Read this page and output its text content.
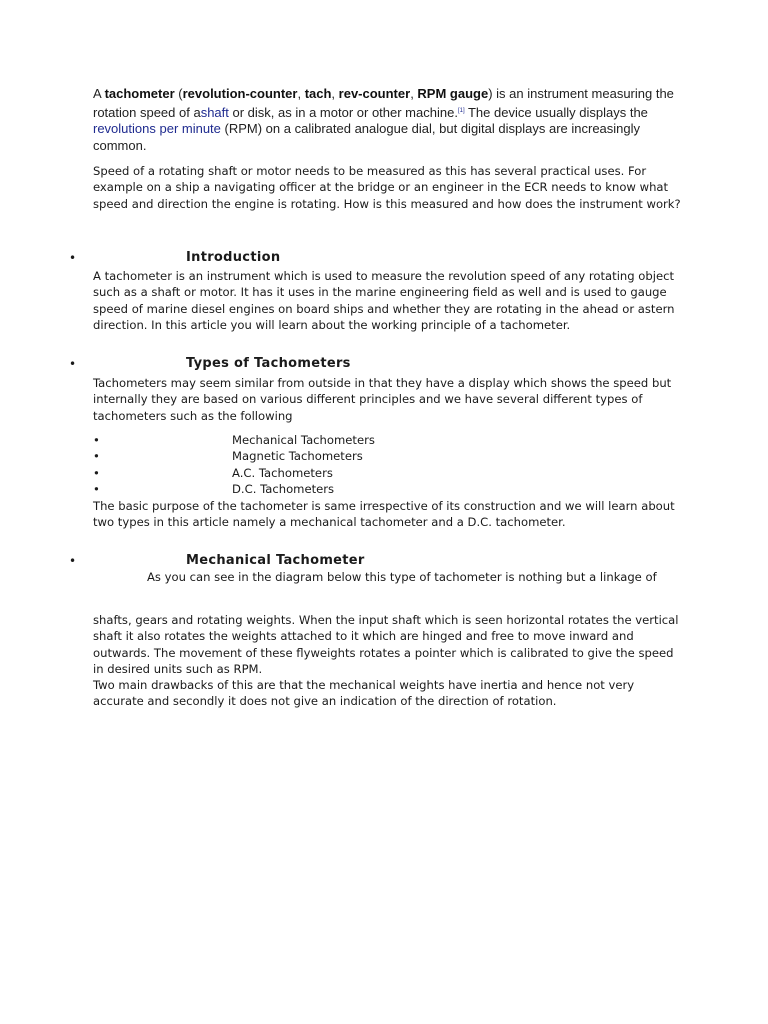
A tachometer (revolution-counter, tach, rev-counter, RPM gauge) is an instrument measuring the rotation speed of ashaft or disk, as in a motor or other machine.[1] The device usually displays the revolutions per minute (RPM) on a calibrated analogue dial, but digital displays are increasingly common.
Speed of a rotating shaft or motor needs to be measured as this has several practical uses. For example on a ship a navigating officer at the bridge or an engineer in the ECR needs to know what speed and direction the engine is rotating. How is this measured and how does the instrument work?
•	Introduction
A tachometer is an instrument which is used to measure the revolution speed of any rotating object such as a shaft or motor. It has it uses in the marine engineering field as well and is used to gauge speed of marine diesel engines on board ships and whether they are rotating in the ahead or astern direction. In this article you will learn about the working principle of a tachometer.
•	Types of Tachometers
Tachometers may seem similar from outside in that they have a display which shows the speed but internally they are based on various different principles and we have several different types of tachometers such as the following
•	Mechanical Tachometers
•	Magnetic Tachometers
•	A.C. Tachometers
•	D.C. Tachometers
The basic purpose of the tachometer is same irrespective of its construction and we will learn about two types in this article namely a mechanical tachometer and a D.C. tachometer.
•	Mechanical Tachometer
As you can see in the diagram below this type of tachometer is nothing but a linkage of
shafts, gears and rotating weights. When the input shaft which is seen horizontal rotates the vertical shaft it also rotates the weights attached to it which are hinged and free to move inward and outwards. The movement of these flyweights rotates a pointer which is calibrated to give the speed in desired units such as RPM.
Two main drawbacks of this are that the mechanical weights have inertia and hence not very accurate and secondly it does not give an indication of the direction of rotation.
